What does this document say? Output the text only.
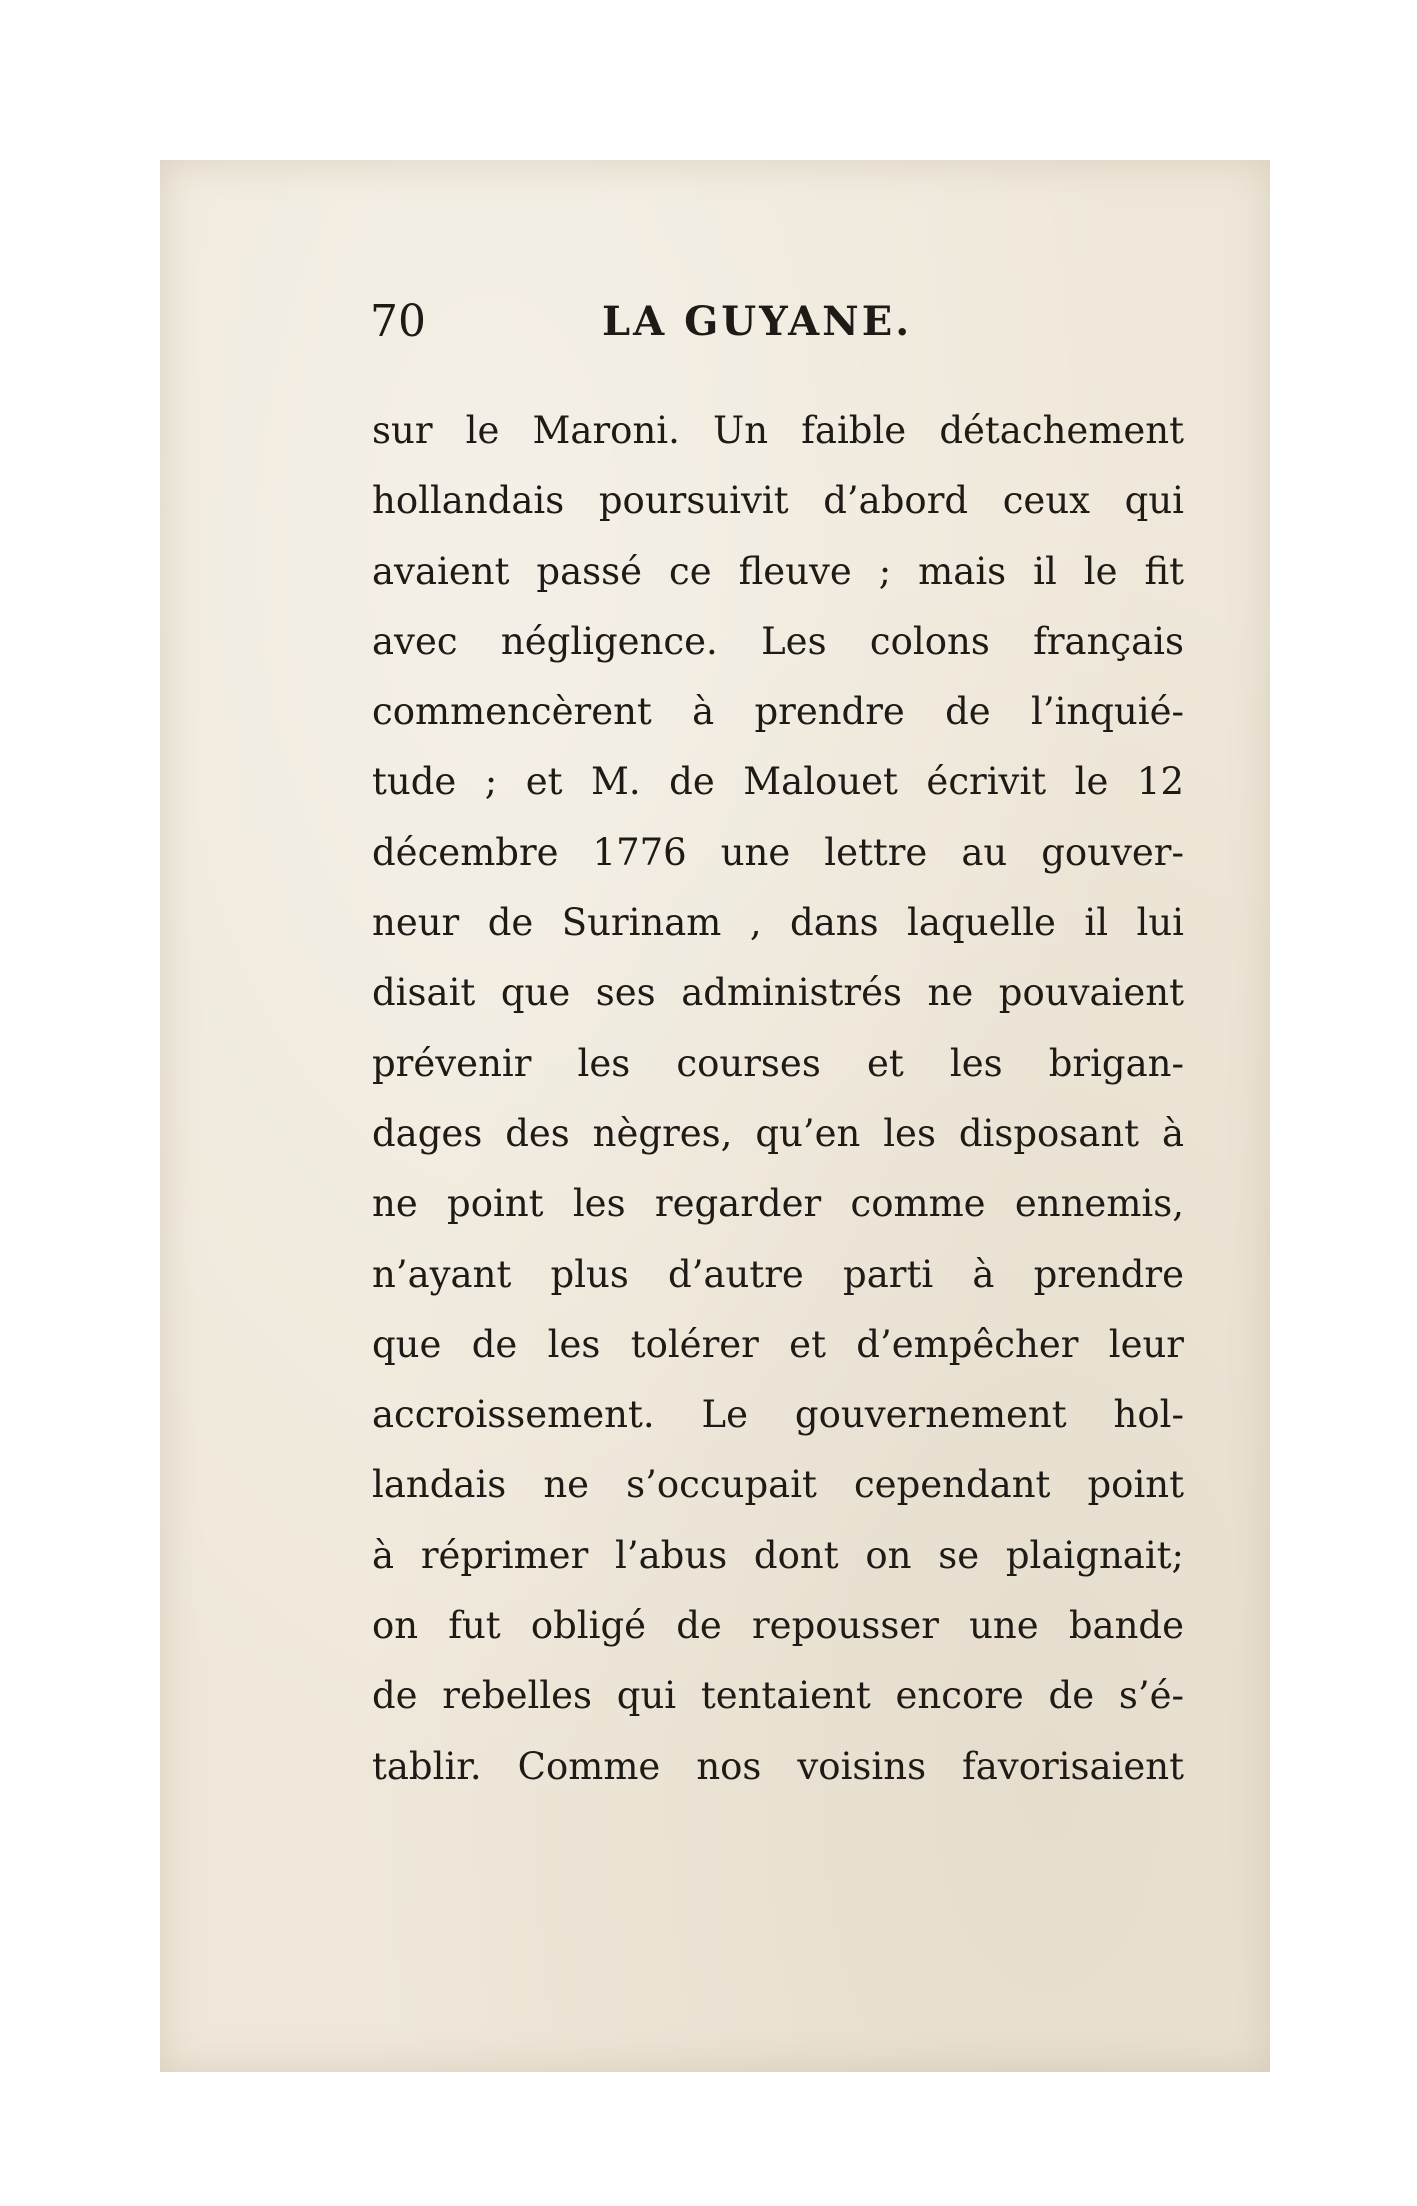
70	LA GUYANE.
sur le Maroni. Un faible détachement
hollandais poursuivit d’abord ceux qui
avaient passé ce fleuve ; mais il le fit
avec négligence. Les colons français
commencèrent à prendre de l’inquié-
tude ; et M. de Malouet écrivit le 12
décembre 1776 une lettre au gouver-
neur de Surinam , dans laquelle il lui
disait que ses administrés ne pouvaient
prévenir les courses et les brigan-
dages des nègres, qu’en les disposant à
ne point les regarder comme ennemis,
n’ayant plus d’autre parti à prendre
que de les tolérer et d’empêcher leur
accroissement. Le gouvernement hol-
landais ne s’occupait cependant point
à réprimer l’abus dont on se plaignait;
on fut obligé de repousser une bande
de rebelles qui tentaient encore de s’é-
tablir. Comme nos voisins favorisaient
